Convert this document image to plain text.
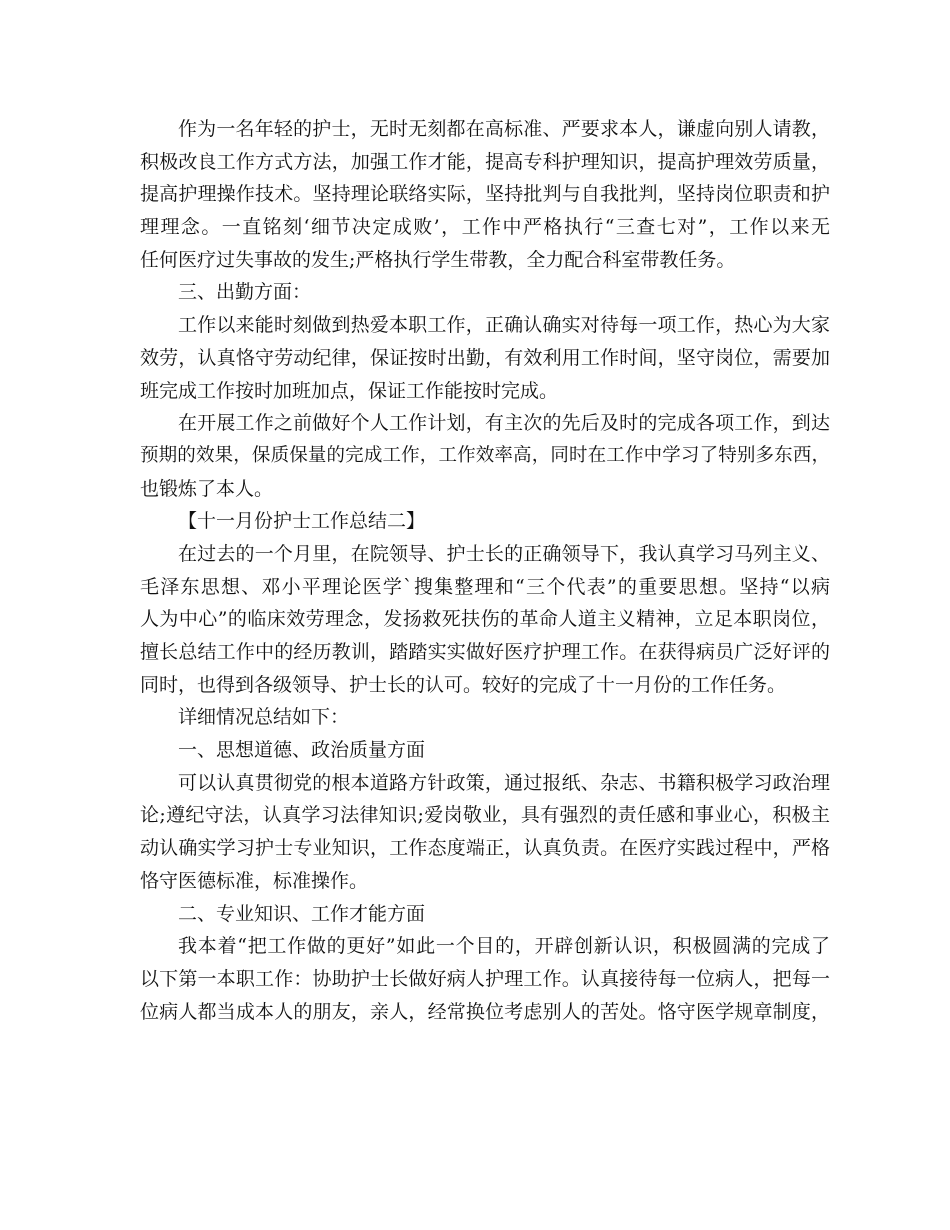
作为一名年轻的护士，无时无刻都在高标准、严要求本人，谦虚向别人请教，
积极改良工作方式方法，加强工作才能，提高专科护理知识，提高护理效劳质量，
提高护理操作技术。坚持理论联络实际，坚持批判与自我批判，坚持岗位职责和护
理理念。一直铭刻‘细节决定成败’，工作中严格执行“三查七对”，工作以来无
任何医疗过失事故的发生;严格执行学生带教，全力配合科室带教任务。
三、出勤方面：
工作以来能时刻做到热爱本职工作，正确认确实对待每一项工作，热心为大家
效劳，认真恪守劳动纪律，保证按时出勤，有效利用工作时间，坚守岗位，需要加
班完成工作按时加班加点，保证工作能按时完成。
在开展工作之前做好个人工作计划，有主次的先后及时的完成各项工作，到达
预期的效果，保质保量的完成工作，工作效率高，同时在工作中学习了特别多东西，
也锻炼了本人。
【十一月份护士工作总结二】
在过去的一个月里，在院领导、护士长的正确领导下，我认真学习马列主义、
毛泽东思想、邓小平理论医学`搜集整理和“三个代表”的重要思想。坚持“以病
人为中心”的临床效劳理念，发扬救死扶伤的革命人道主义精神，立足本职岗位，
擅长总结工作中的经历教训，踏踏实实做好医疗护理工作。在获得病员广泛好评的
同时，也得到各级领导、护士长的认可。较好的完成了十一月份的工作任务。
详细情况总结如下：
一、思想道德、政治质量方面
可以认真贯彻党的根本道路方针政策，通过报纸、杂志、书籍积极学习政治理
论;遵纪守法，认真学习法律知识;爱岗敬业，具有强烈的责任感和事业心，积极主
动认确实学习护士专业知识，工作态度端正，认真负责。在医疗实践过程中，严格
恪守医德标准，标准操作。
二、专业知识、工作才能方面
我本着“把工作做的更好”如此一个目的，开辟创新认识，积极圆满的完成了
以下第一本职工作：协助护士长做好病人护理工作。认真接待每一位病人，把每一
位病人都当成本人的朋友，亲人，经常换位考虑别人的苦处。恪守医学规章制度，
